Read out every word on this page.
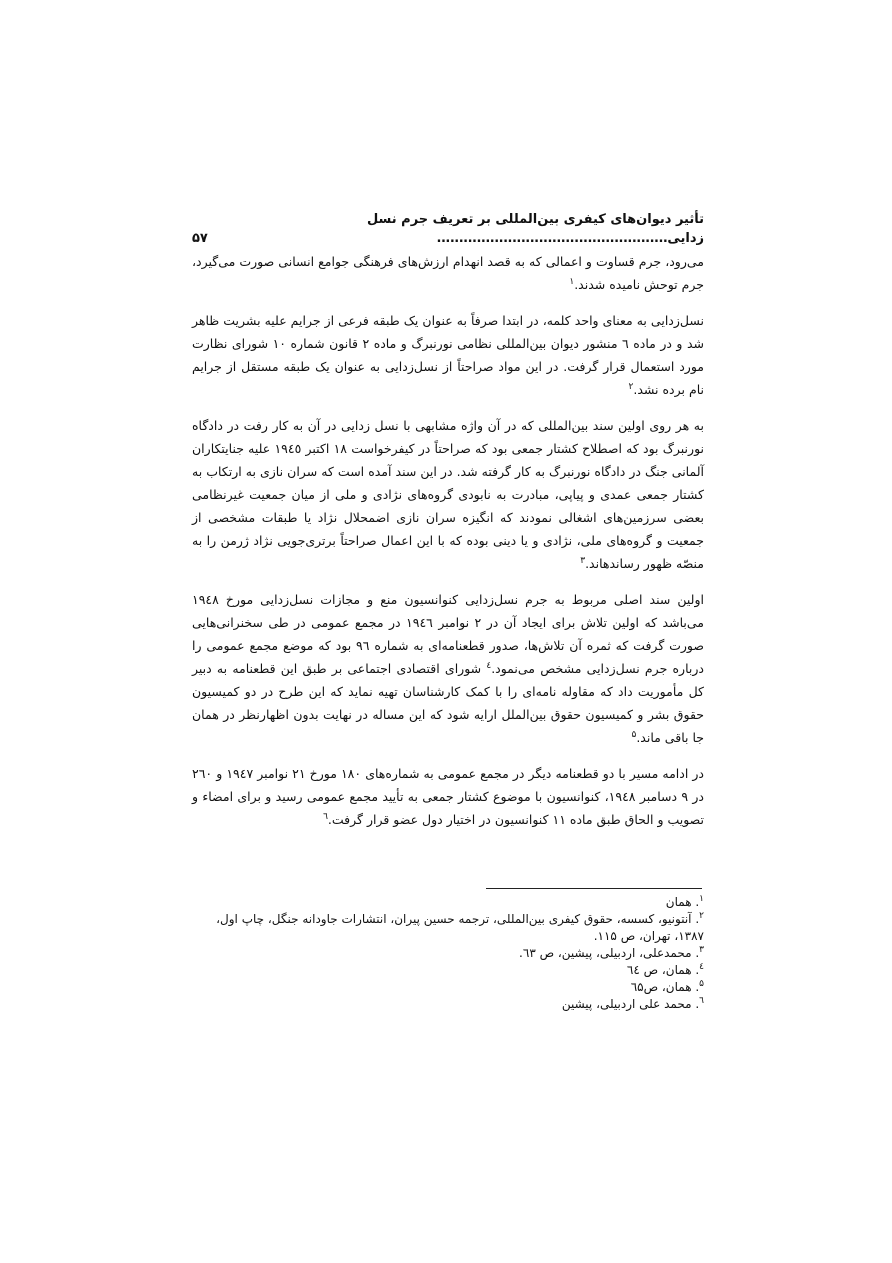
تأثیر دیوان‌های کیفری بین‌المللی بر تعریف جرم نسل
زدایی
....................................................
۵۷

می‌رود، جرم قساوت و اعمالی که به قصد انهدام ارزش‌های فرهنگی جوامع انسانی صورت می‌گیرد، جرم توحش نامیده شدند.$^۱$

نسل‌زدایی به معنای واحد کلمه، در ابتدا صرفاً به عنوان یک طبقه فرعی از جرایم علیه بشریت ظاهر شد و در ماده ٦ منشور دیوان بین‌المللی نظامی نورنبرگ و ماده ۲ قانون شماره ۱۰ شورای نظارت مورد استعمال قرار گرفت. در این مواد صراحتاً از نسل‌زدایی به عنوان یک طبقه مستقل از جرایم نام برده نشد.$^۲$

به هر روی اولین سند بین‌المللی که در آن واژه مشابهی با نسل زدایی در آن به کار رفت در دادگاه نورنبرگ بود که اصطلاح کشتار جمعی بود که صراحتاً در کیفرخواست ۱۸ اکتبر ۱۹٤٥ علیه جنایتکاران آلمانی جنگ در دادگاه نورنبرگ به کار گرفته شد. در این سند آمده است که سران نازی به ارتکاب به کشتار جمعی عمدی و پیاپی، مبادرت به نابودی گروه‌های نژادی و ملی از میان جمعیت غیرنظامی بعضی سرزمین‌های اشغالی نمودند که انگیزه سران نازی اضمحلال نژاد یا طبقات مشخصی از جمعیت و گروه‌های ملی، نژادی و یا دینی بوده که با این اعمال صراحتاً برتری‌جویی نژاد ژرمن را به منصّه ظهور رساندهاند.$^۳$

اولین سند اصلی مربوط به جرم نسل‌زدایی کنوانسیون منع و مجازات نسل‌زدایی مورخ ۱۹٤۸ می‌باشد که اولین تلاش برای ایجاد آن در ۲ نوامبر ۱۹٤٦ در مجمع عمومی در طی سخنرانی‌هایی صورت گرفت که ثمره آن تلاش‌ها، صدور قطعنامه‌ای به شماره ۹٦ بود که موضع مجمع عمومی را درباره جرم نسل‌زدایی مشخص می‌نمود.$^٤$ شورای اقتصادی اجتماعی بر طبق این قطعنامه به دبیر کل مأموریت داد که مقاوله نامه‌ای را با کمک کارشناسان تهیه نماید که این طرح در دو کمیسیون حقوق بشر و کمیسیون حقوق بین‌الملل ارایه شود که این مساله در نهایت بدون اظهارنظر در همان جا باقی ماند.$^۵$

در ادامه مسیر با دو قطعنامه دیگر در مجمع عمومی به شماره‌های ۱۸۰ مورخ ۲۱ نوامبر ۱۹٤۷ و ۲٦۰ در ۹ دسامبر ۱۹٤۸، کنوانسیون با موضوع کشتار جمعی به تأیید مجمع عمومی رسید و برای امضاء و تصویب و الحاق طبق ماده ۱۱ کنوانسیون در اختیار دول عضو قرار گرفت.$^٦$

$^۱$. همان
$^۲$. آنتونیو، کسسه، حقوق کیفری بین‌المللی، ترجمه حسین پیران، انتشارات جاودانه جنگل، چاپ اول، ۱۳۸۷، تهران، ص ۱۱۵.
$^۳$. محمدعلی، اردبیلی، پیشین، ص ٦۳.
$^٤$. همان، ص ٦٤
$^۵$. همان، ص٦۵
$^٦$. محمد علی اردبیلی، پیشین
